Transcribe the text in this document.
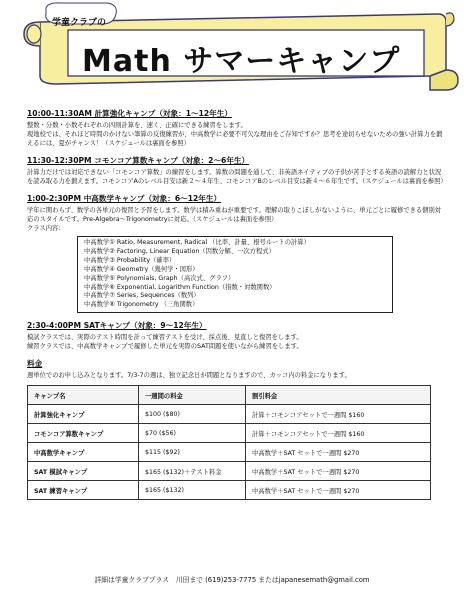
学童クラブの
Math サマーキャンプ
10:00-11:30AM 計算強化キャンプ（対象：1～12年生）

整数・分数・小数それぞれの四則計算を、速く、正確にできる練習をします。

現地校では、それほど時間のかけない筆算の反復練習が、中高数学に必要不可欠な理由をご存知ですか？思考を途切らせないための強い計算力を鍛えるには、夏がチャンス！（スケジュールは裏面を参照）

11:30-12:30PM コモンコア算数キャンプ（対象：2～6年生）

計算力だけでは対応できない「コモンコア算数」の練習をします。算数の問題を通して、非英語ネイティブの子供が苦手とする英語の読解力と状況を読み取る力を鍛えます。コモンコアAのレベル目安は新２～４年生、コモンコアBのレベル目安は新４～６年生です。（スケジュールは裏面を参照）

1:00-2:30PM 中高数学キャンプ（対象：6～12年生）

学年に関わらず、数学の各単元の復習と予習をします。数学は積み重ねが重要です。理解の取りこぼしがないように、単元ごとに履修できる個別対応のスタイルです。Pre-Algebra～Trigonometryに対応。（スケジュールは裏面を参照）

クラス内容：

中高数学① Ratio, Measurement, Radical （比率、計量、根号ルートの計算）
中高数学② Factoring, Linear Equation（因数分解、一次方程式）
中高数学③ Probability（確率）
中高数学④ Geometry（幾何学・図形）
中高数学⑤ Polynomials, Graph（高次式、グラフ）
中高数学⑥ Exponential, Logarithm Function（指数・対数関数）
中高数学⑦ Series, Sequences（数列）
中高数学⑧ Trigonometry （三角関数）
2:30-4:00PM SATキャンプ（対象：9～12年生）

模試クラスでは、実際のテスト時間を計って練習テストを受け、採点後、見直しと復習をします。

練習クラスでは、中高数学キャンプで履修した単元を実際のSAT問題を使いながら練習をします。

料金

週単位でのお申し込みとなります。7/3-7の週は、独立記念日が間題となりますので、カッコ内の料金になります。

キャンプ名	一週間の料金	割引料金
計算強化キャンプ	$100 ($80)	計算＋コモンコアセットで一週間 $160
コモンコア算数キャンプ	$70 ($56)	計算＋コモンコアセットで一週間 $160
中高数学キャンプ	$115 ($92)	中高数学＋SAT セットで一週間 $270
SAT 模試キャンプ	$165 ($132)＋テスト料金	中高数学＋SAT セットで一週間 $270
SAT 練習キャンプ	$165 ($132)	中高数学＋SAT セットで一週間 $270
詳細は学童クラブプラス　川田まで (619)253-7775 またはjapanesemath@gmail.com
